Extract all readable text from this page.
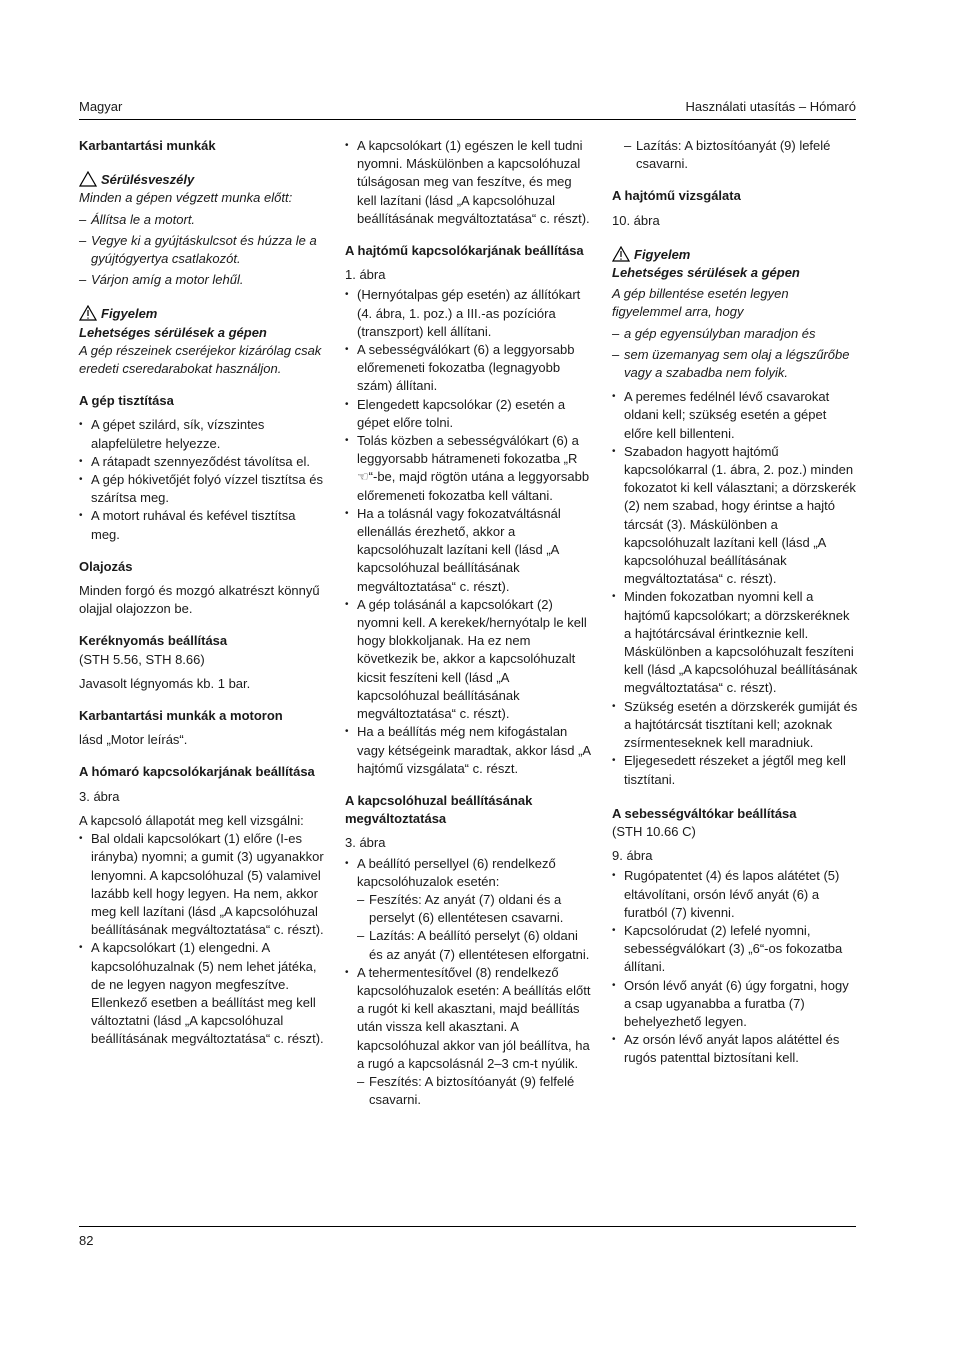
Magyar	Használati utasítás – Hómaró
Karbantartási munkák
Sérülésveszély
Minden a gépen végzett munka előtt:
– Állítsa le a motort.
– Vegye ki a gyújtáskulcsot és húzza le a gyújtógyertya csatlakozót.
– Várjon amíg a motor lehűl.
Figyelem
Lehetséges sérülések a gépen
A gép részeinek cseréjekor kizárólag csak eredeti cseredarabokat használjon.
A gép tisztítása
• A gépet szilárd, sík, vízszintes alapfelületre helyezze.
• A rátapadt szennyeződést távolítsa el.
• A gép hókivetőjét folyó vízzel tisztítsa és szárítsa meg.
• A motort ruhával és kefével tisztítsa meg.
Olajozás

Minden forgó és mozgó alkatrészt könnyű olajjal olajozzon be.

Keréknyomás beállítása

(STH 5.56, STH 8.66)

Javasolt légnyomás kb. 1 bar.

Karbantartási munkák a motoron

lásd „Motor leírás“.

A hómaró kapcsolókarjának beállítása

3. ábra

A kapcsoló állapotát meg kell vizsgálni:
• Bal oldali kapcsolókart (1) előre (I-es irányba) nyomni; a gumit (3) ugyanakkor lenyomni. A kapcsolóhuzal (5) valamivel lazább kell hogy legyen. Ha nem, akkor meg kell lazítani (lásd „A kapcsolóhuzal beállításának megváltoztatása“ c. részt).
• A kapcsolókart (1) elengedni. A kapcsolóhuzalnak (5) nem lehet játéka, de ne legyen nagyon megfeszítve. Ellenkező esetben a beállítást meg kell változtatni (lásd „A kapcsolóhuzal beállításának megváltoztatása“ c. részt).
• A kapcsolókart (1) egészen le kell tudni nyomni. Máskülönben a kapcsolóhuzal túlságosan meg van feszítve, és meg kell lazítani (lásd „A kapcsolóhuzal beállításának megváltoztatása“ c. részt).
A hajtómű kapcsolókarjának beállítása

1. ábra

• (Hernyótalpas gép esetén) az állítókart (4. ábra, 1. poz.) a III.-as pozícióra (transzport) kell állítani.
• A sebességválókart (6) a leggyorsabb előremeneti fokozatba (legnagyobb szám) állítani.
• Elengedett kapcsolókar (2) esetén a gépet előre tolni.
• Tolás közben a sebességválókart (6) a leggyorsabb hátrameneti fokozatba „R ☜“-be, majd rögtön utána a leggyorsabb előremeneti fokozatba kell váltani.
• Ha a tolásnál vagy fokozatváltásnál ellenállás érezhető, akkor a kapcsolóhuzalt lazítani kell (lásd „A kapcsolóhuzal beállításának megváltoztatása“ c. részt).
• A gép tolásánál a kapcsolókart (2) nyomni kell. A kerekek/hernyótalp le kell hogy blokkoljanak. Ha ez nem következik be, akkor a kapcsolóhuzalt kicsit feszíteni kell (lásd „A kapcsolóhuzal beállításának megváltoztatása“ c. részt).
• Ha a beállítás még nem kifogástalan vagy kétségeink maradtak, akkor lásd „A hajtómű vizsgálata“ c. részt.
A kapcsolóhuzal beállításának megváltoztatása

3. ábra

• A beállító persellyel (6) rendelkező kapcsolóhuzalok esetén:
– Feszítés: Az anyát (7) oldani és a perselyt (6) ellentétesen csavarni.
– Lazítás: A beállító perselyt (6) oldani és az anyát (7) ellentétesen elforgatni.
• A tehermentesítővel (8) rendelkező kapcsolóhuzalok esetén: A beállítás előtt a rugót ki kell akasztani, majd beállítás után vissza kell akasztani. A kapcsolóhuzal akkor van jól beállítva, ha a rugó a kapcsolásnál 2–3 cm-t nyúlik.
– Feszítés: A biztosítóanyát (9) felfelé csavarni.
– Lazítás: A biztosítóanyát (9) lefelé csavarni.
A hajtómű vizsgálata

10. ábra

Figyelem
Lehetséges sérülések a gépen
A gép billentése esetén legyen figyelemmel arra, hogy
– a gép egyensúlyban maradjon és
– sem üzemanyag sem olaj a légszűrőbe vagy a szabadba nem folyik.
• A peremes fedélnél lévő csavarokat oldani kell; szükség esetén a gépet előre kell billenteni.
• Szabadon hagyott hajtómű kapcsolókarral (1. ábra, 2. poz.) minden fokozatot ki kell választani; a dörzskerék (2) nem szabad, hogy érintse a hajtó tárcsát (3). Máskülönben a kapcsolóhuzalt lazítani kell (lásd „A kapcsolóhuzal beállításának megváltoztatása“ c. részt).
• Minden fokozatban nyomni kell a hajtómű kapcsolókart; a dörzskeréknek a hajtótárcsával érintkeznie kell. Máskülönben a kapcsolóhuzalt feszíteni kell (lásd „A kapcsolóhuzal beállításának megváltoztatása“ c. részt).
• Szükség esetén a dörzskerék gumiját és a hajtótárcsát tisztítani kell; azoknak zsírmenteseknek kell maradniuk.
• Eljegesedett részeket a jégtől meg kell tisztítani.
A sebességváltókar beállítása

(STH 10.66 C)

9. ábra

• Rugópatentet (4) és lapos alátétet (5) eltávolítani, orsón lévő anyát (6) a furatból (7) kivenni.
• Kapcsolórudat (2) lefelé nyomni, sebességválókart (3) „6“-os fokozatba állítani.
• Orsón lévő anyát (6) úgy forgatni, hogy a csap ugyanabba a furatba (7) behelyezhető legyen.
• Az orsón lévő anyát lapos alátéttel és rugós patenttal biztosítani kell.
82
